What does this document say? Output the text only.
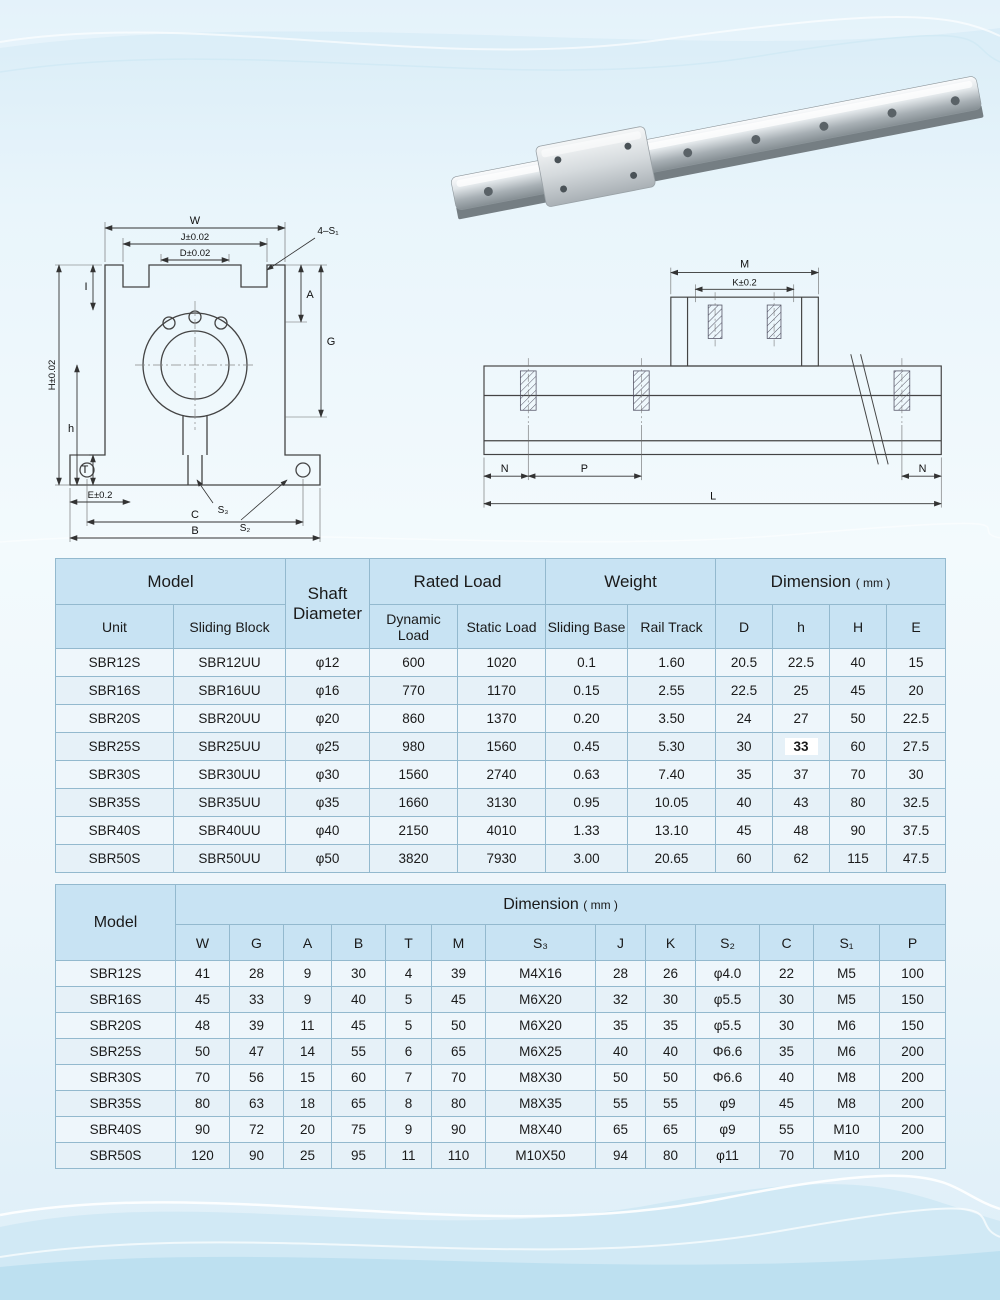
W
J±0.02
D±0.02
4–S₁
H±0.02
h
I
T
A
G
E±0.2
S₃
S₂
C
B
M
K±0.2
N	P	N
L
Model		Shaft Diameter	Rated Load		Weight		Dimension ( mm )			
Unit	Sliding Block		Dynamic Load	Static Load	Sliding Base	Rail Track	D	h	H	E
SBR12S	SBR12UU	φ12	600	1020	0.1	1.60	20.5	22.5	40	15
SBR16S	SBR16UU	φ16	770	1170	0.15	2.55	22.5	25	45	20
SBR20S	SBR20UU	φ20	860	1370	0.20	3.50	24	27	50	22.5
SBR25S	SBR25UU	φ25	980	1560	0.45	5.30	30	33	60	27.5
SBR30S	SBR30UU	φ30	1560	2740	0.63	7.40	35	37	70	30
SBR35S	SBR35UU	φ35	1660	3130	0.95	10.05	40	43	80	32.5
SBR40S	SBR40UU	φ40	2150	4010	1.33	13.10	45	48	90	37.5
SBR50S	SBR50UU	φ50	3820	7930	3.00	20.65	60	62	115	47.5
Model	Dimension ( mm )												
	W	G	A	B	T	M	S₃	J	K	S₂	C	S₁	P
SBR12S	41	28	9	30	4	39	M4X16	28	26	φ4.0	22	M5	100
SBR16S	45	33	9	40	5	45	M6X20	32	30	φ5.5	30	M5	150
SBR20S	48	39	11	45	5	50	M6X20	35	35	φ5.5	30	M6	150
SBR25S	50	47	14	55	6	65	M6X25	40	40	Φ6.6	35	M6	200
SBR30S	70	56	15	60	7	70	M8X30	50	50	Φ6.6	40	M8	200
SBR35S	80	63	18	65	8	80	M8X35	55	55	φ9	45	M8	200
SBR40S	90	72	20	75	9	90	M8X40	65	65	φ9	55	M10	200
SBR50S	120	90	25	95	11	110	M10X50	94	80	φ11	70	M10	200
